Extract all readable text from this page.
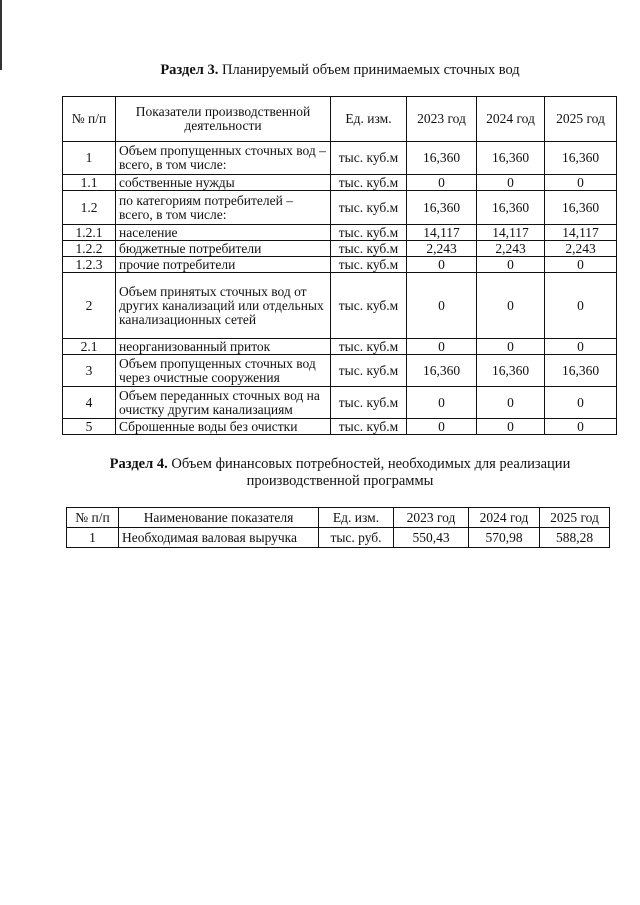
Раздел 3. Планируемый объем принимаемых сточных вод
№ п/п	Показатели производственной деятельности	Ед. изм.	2023 год	2024 год	2025 год
1	Объем пропущенных сточных вод – всего, в том числе:	тыс. куб.м	16,360	16,360	16,360
1.1	собственные нужды	тыс. куб.м	0	0	0
1.2	по категориям потребителей – всего, в том числе:	тыс. куб.м	16,360	16,360	16,360
1.2.1	население	тыс. куб.м	14,117	14,117	14,117
1.2.2	бюджетные потребители	тыс. куб.м	2,243	2,243	2,243
1.2.3	прочие потребители	тыс. куб.м	0	0	0
2	Объем принятых сточных вод от других канализаций или отдельных канализационных сетей	тыс. куб.м	0	0	0
2.1	неорганизованный приток	тыс. куб.м	0	0	0
3	Объем пропущенных сточных вод через очистные сооружения	тыс. куб.м	16,360	16,360	16,360
4	Объем переданных сточных вод на очистку другим канализациям	тыс. куб.м	0	0	0
5	Сброшенные воды без очистки	тыс. куб.м	0	0	0
Раздел 4. Объем финансовых потребностей, необходимых для реализации
производственной программы
№ п/п	Наименование показателя	Ед. изм.	2023 год	2024 год	2025 год
1	Необходимая валовая выручка	тыс. руб.	550,43	570,98	588,28
